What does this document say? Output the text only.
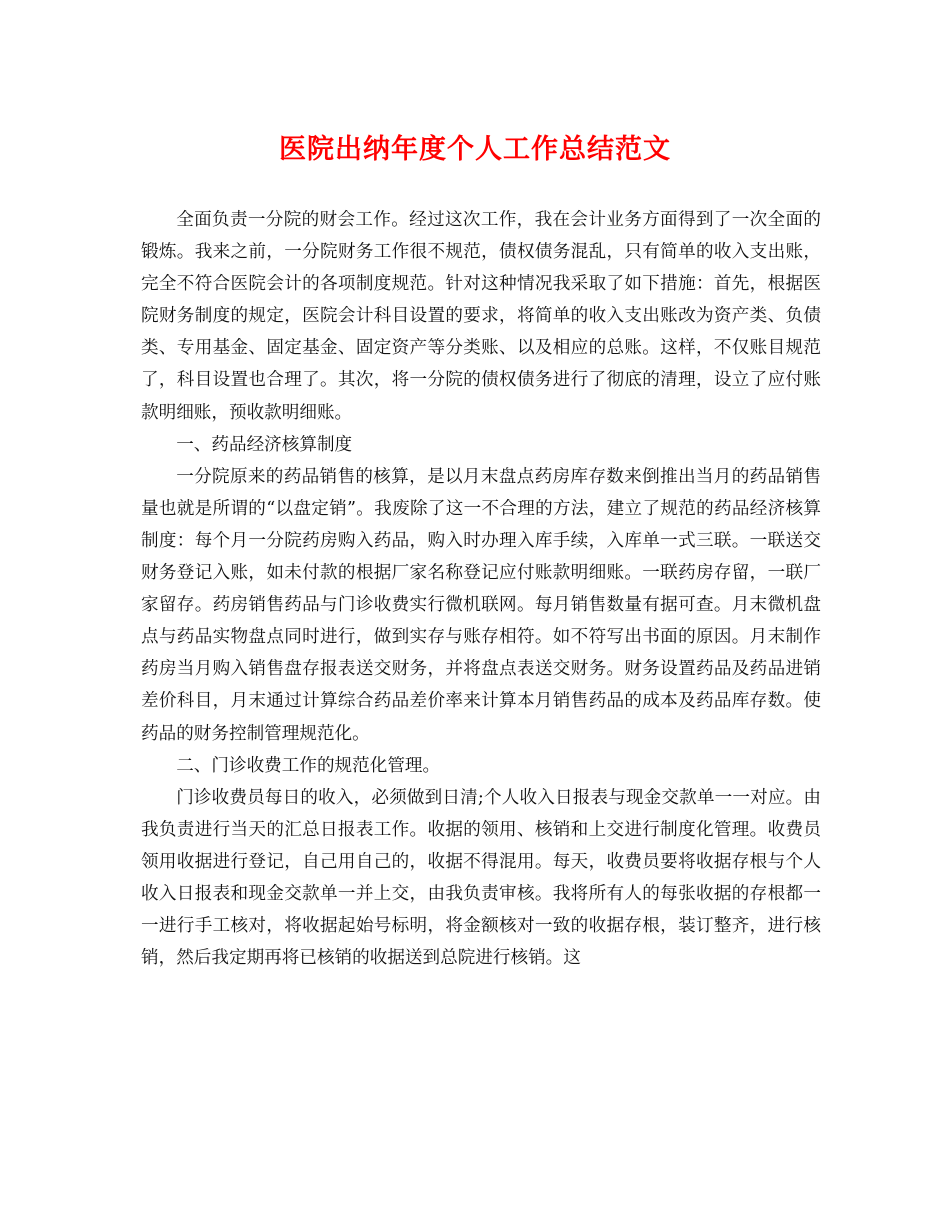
医院出纳年度个人工作总结范文

全面负责一分院的财会工作。经过这次工作，我在会计业务方面得到了一次全面的锻炼。我来之前，一分院财务工作很不规范，债权债务混乱，只有简单的收入支出账，完全不符合医院会计的各项制度规范。针对这种情况我采取了如下措施：首先，根据医院财务制度的规定，医院会计科目设置的要求，将简单的收入支出账改为资产类、负债类、专用基金、固定基金、固定资产等分类账、以及相应的总账。这样，不仅账目规范了，科目设置也合理了。其次，将一分院的债权债务进行了彻底的清理，设立了应付账款明细账，预收款明细账。

一、药品经济核算制度

一分院原来的药品销售的核算，是以月末盘点药房库存数来倒推出当月的药品销售量也就是所谓的“以盘定销”。我废除了这一不合理的方法，建立了规范的药品经济核算制度：每个月一分院药房购入药品，购入时办理入库手续，入库单一式三联。一联送交财务登记入账，如未付款的根据厂家名称登记应付账款明细账。一联药房存留，一联厂家留存。药房销售药品与门诊收费实行微机联网。每月销售数量有据可查。月末微机盘点与药品实物盘点同时进行，做到实存与账存相符。如不符写出书面的原因。月末制作药房当月购入销售盘存报表送交财务，并将盘点表送交财务。财务设置药品及药品进销差价科目，月末通过计算综合药品差价率来计算本月销售药品的成本及药品库存数。使药品的财务控制管理规范化。

二、门诊收费工作的规范化管理。

门诊收费员每日的收入，必须做到日清;个人收入日报表与现金交款单一一对应。由我负责进行当天的汇总日报表工作。收据的领用、核销和上交进行制度化管理。收费员领用收据进行登记，自己用自己的，收据不得混用。每天，收费员要将收据存根与个人收入日报表和现金交款单一并上交，由我负责审核。我将所有人的每张收据的存根都一一进行手工核对，将收据起始号标明，将金额核对一致的收据存根，装订整齐，进行核销，然后我定期再将已核销的收据送到总院进行核销。这
